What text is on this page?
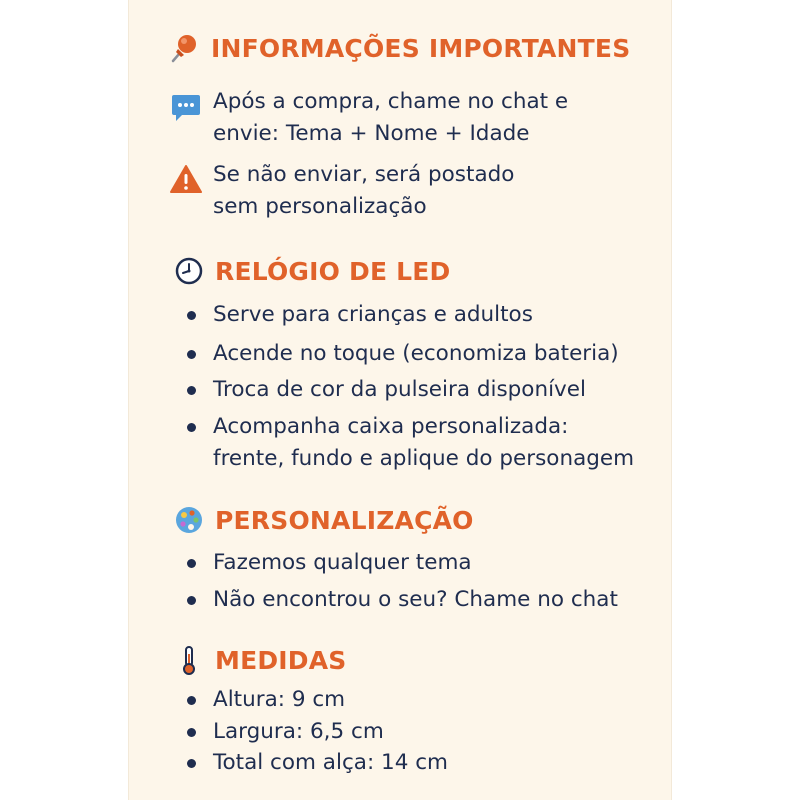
INFORMAÇÕES IMPORTANTES
Após a compra, chame no chat e
envie: Tema + Nome + Idade
Se não enviar, será postado
sem personalização
RELÓGIO DE LED
Serve para crianças e adultos
Acende no toque (economiza bateria)
Troca de cor da pulseira disponível
Acompanha caixa personalizada:
frente, fundo e aplique do personagem
PERSONALIZAÇÃO
Fazemos qualquer tema
Não encontrou o seu? Chame no chat
MEDIDAS
Altura: 9 cm
Largura: 6,5 cm
Total com alça: 14 cm
